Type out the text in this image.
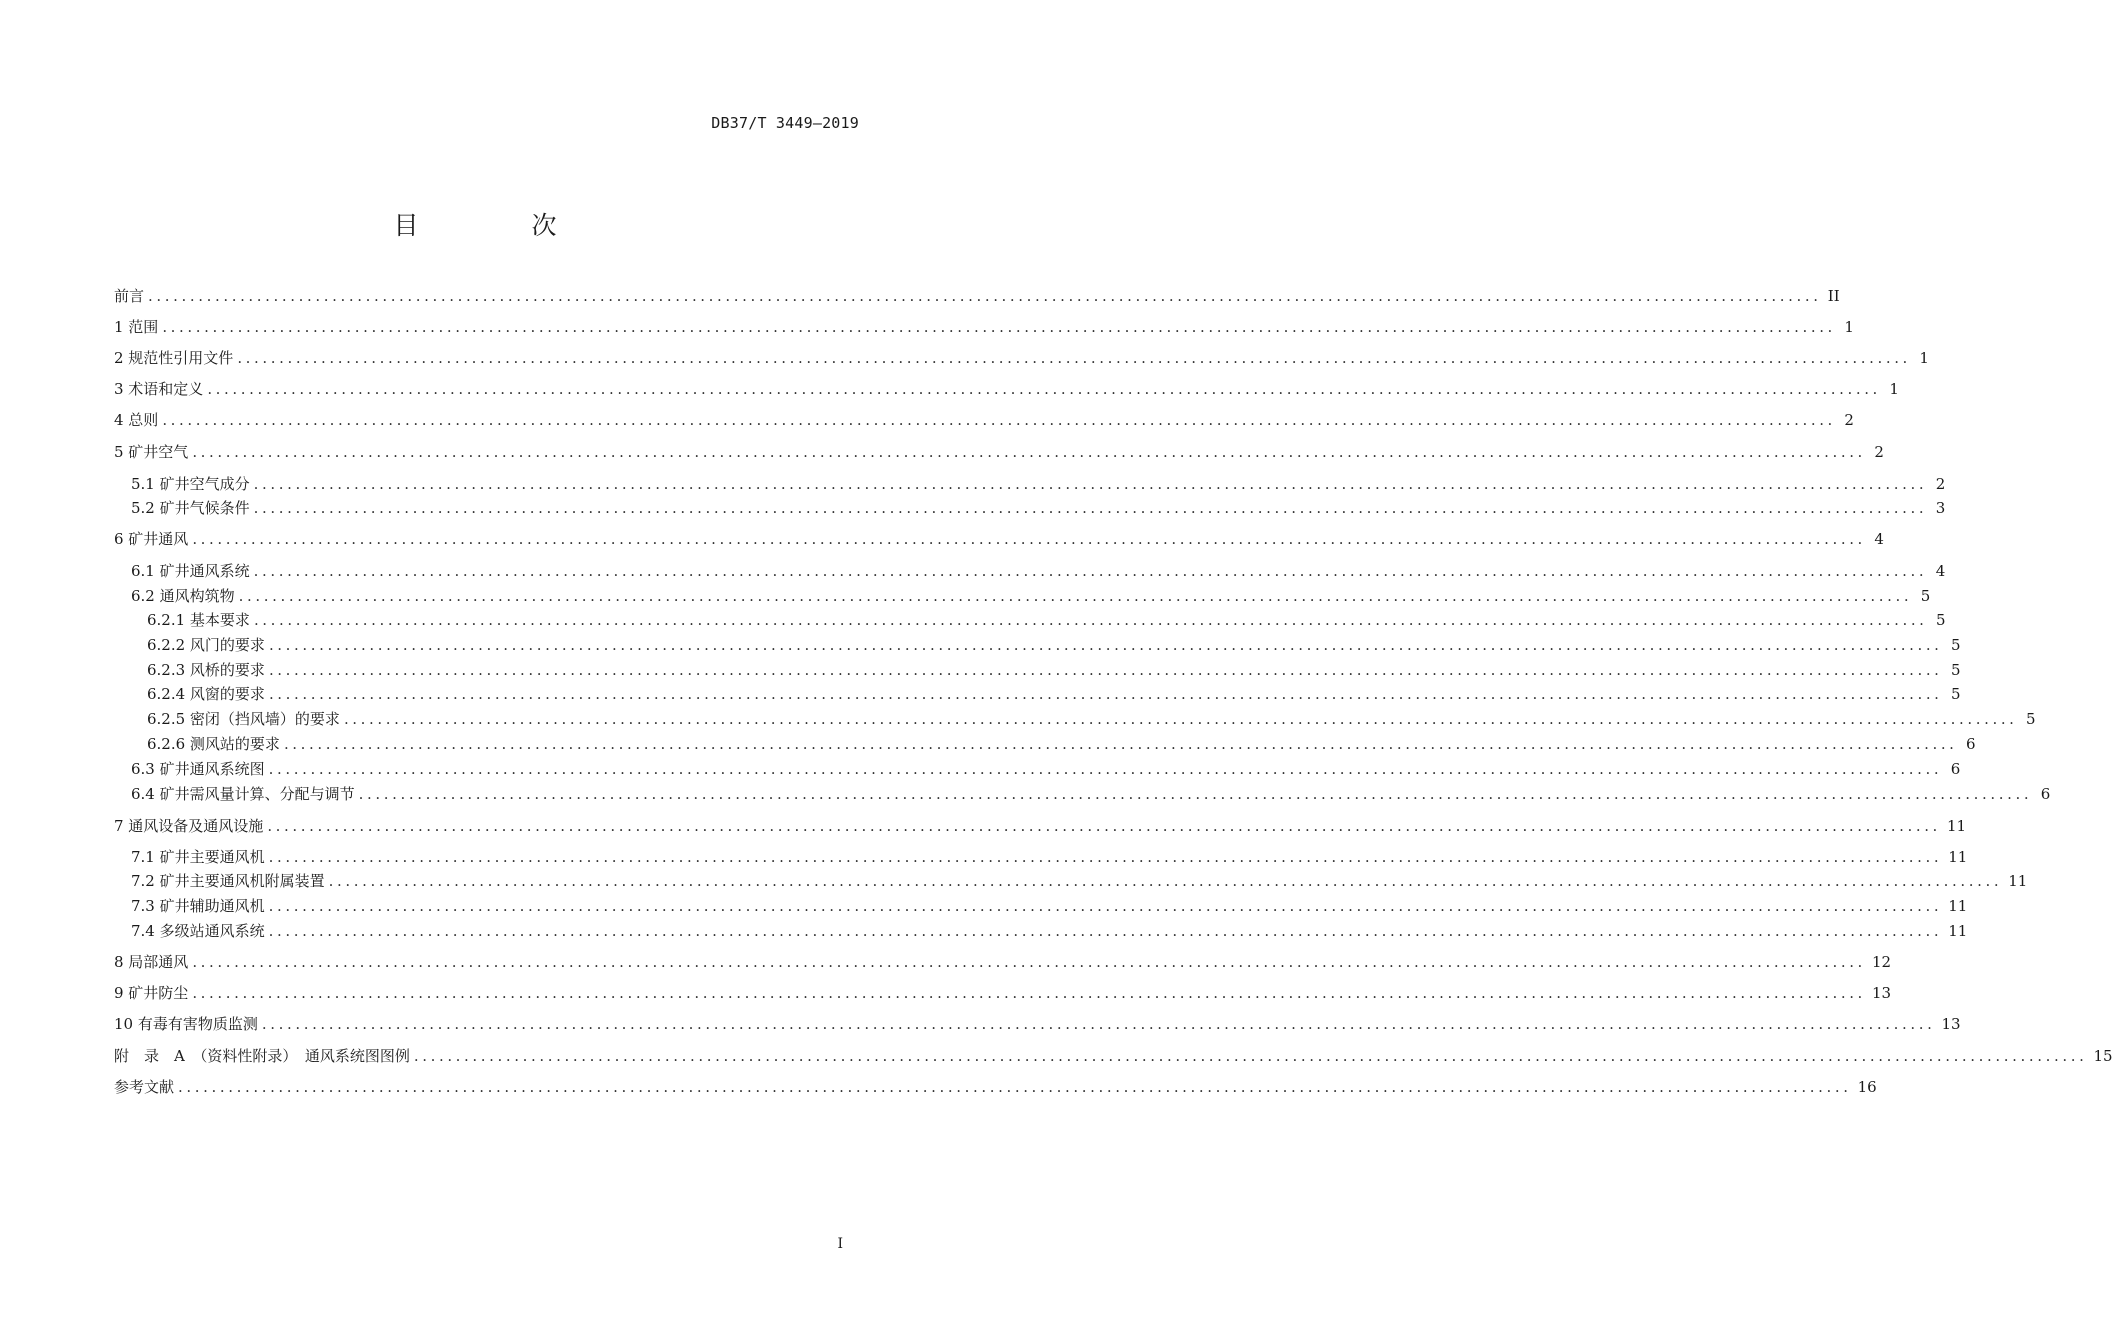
DB37/T 3449—2019
目　次
前言 ........................................................................................................................................................................................................ II
1 范围 ........................................................................................................................................................................................................ 1
2 规范性引用文件 ........................................................................................................................................................................................................ 1
3 术语和定义 ........................................................................................................................................................................................................ 1
4 总则 ........................................................................................................................................................................................................ 2
5 矿井空气 ........................................................................................................................................................................................................ 2
5.1 矿井空气成分 ........................................................................................................................................................................................................ 2
5.2 矿井气候条件 ........................................................................................................................................................................................................ 3
6 矿井通风 ........................................................................................................................................................................................................ 4
6.1 矿井通风系统 ........................................................................................................................................................................................................ 4
6.2 通风构筑物 ........................................................................................................................................................................................................ 5
6.2.1 基本要求 ........................................................................................................................................................................................................ 5
6.2.2 风门的要求 ........................................................................................................................................................................................................ 5
6.2.3 风桥的要求 ........................................................................................................................................................................................................ 5
6.2.4 风窗的要求 ........................................................................................................................................................................................................ 5
6.2.5 密闭（挡风墙）的要求 ........................................................................................................................................................................................................ 5
6.2.6 测风站的要求 ........................................................................................................................................................................................................ 6
6.3 矿井通风系统图 ........................................................................................................................................................................................................ 6
6.4 矿井需风量计算、分配与调节 ........................................................................................................................................................................................................ 6
7 通风设备及通风设施 ........................................................................................................................................................................................................ 11
7.1 矿井主要通风机 ........................................................................................................................................................................................................ 11
7.2 矿井主要通风机附属装置 ........................................................................................................................................................................................................ 11
7.3 矿井辅助通风机 ........................................................................................................................................................................................................ 11
7.4 多级站通风系统 ........................................................................................................................................................................................................ 11
8 局部通风 ........................................................................................................................................................................................................ 12
9 矿井防尘 ........................................................................................................................................................................................................ 13
10 有毒有害物质监测 ........................................................................................................................................................................................................ 13
附　录　A　（资料性附录）　通风系统图图例 ........................................................................................................................................................................................................ 15
参考文献 ........................................................................................................................................................................................................ 16
I
